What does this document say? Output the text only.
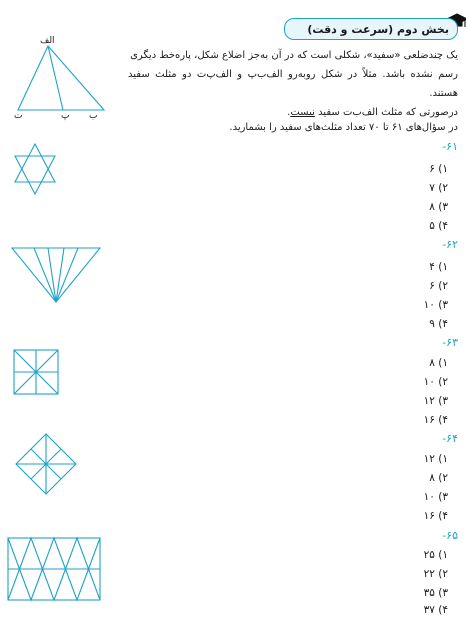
بخش دوم (سرعت و دقت)
یک چندضلعی «سفید»، شکلی است که در آن به‌جز اضلاع شکل، پاره‌خط دیگری
رسم نشده باشد. مثلاً در شکل روبه‌رو الف‌ب‌پ و الف‌پ‌ت دو مثلث سفید هستند.
درصورتی که مثلث الف‌ب‌ت سفید نیست.
الف
ت	پ ب
در سؤال‌های ۶۱ تا ۷۰ تعداد مثلث‌های سفید را بشمارید.
-۶۱
۱) ۶
۲) ۷
۳) ۸
۴) ۵
-۶۲
۱) ۴
۲) ۶
۳) ۱۰
۴) ۹
-۶۳
۱) ۸
۲) ۱۰
۳) ۱۲
۴) ۱۶
-۶۴
۱) ۱۲
۲) ۸
۳) ۱۰
۴) ۱۶
-۶۵
۱) ۲۵
۲) ۲۲
۳) ۳۵
۴) ۳۷
